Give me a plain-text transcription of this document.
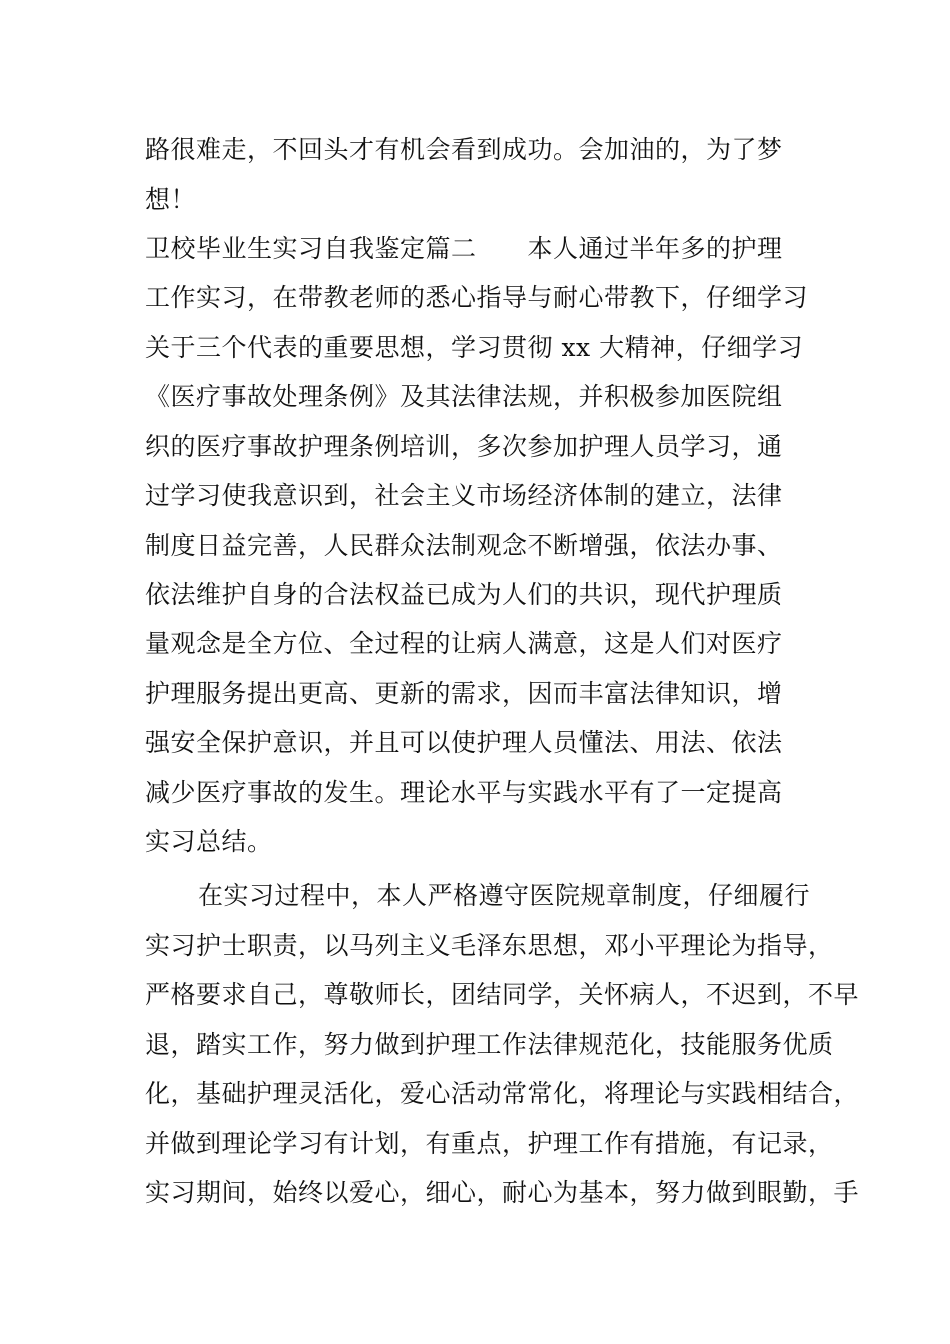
路很难走，不回头才有机会看到成功。会加油的，为了梦
想！
卫校毕业生实习自我鉴定篇二　　本人通过半年多的护理
工作实习，在带教老师的悉心指导与耐心带教下，仔细学习
关于三个代表的重要思想，学习贯彻 xx 大精神，仔细学习
《医疗事故处理条例》及其法律法规，并积极参加医院组
织的医疗事故护理条例培训，多次参加护理人员学习，通
过学习使我意识到，社会主义市场经济体制的建立，法律
制度日益完善，人民群众法制观念不断增强，依法办事、
依法维护自身的合法权益已成为人们的共识，现代护理质
量观念是全方位、全过程的让病人满意，这是人们对医疗
护理服务提出更高、更新的需求，因而丰富法律知识，增
强安全保护意识，并且可以使护理人员懂法、用法、依法
减少医疗事故的发生。理论水平与实践水平有了一定提高
实习总结。
在实习过程中，本人严格遵守医院规章制度，仔细履行
实习护士职责，以马列主义毛泽东思想，邓小平理论为指导，
严格要求自己，尊敬师长，团结同学，关怀病人，不迟到，不早
退，踏实工作，努力做到护理工作法律规范化，技能服务优质
化，基础护理灵活化，爱心活动常常化，将理论与实践相结合，
并做到理论学习有计划，有重点，护理工作有措施，有记录，
实习期间，始终以爱心，细心，耐心为基本，努力做到眼勤，手
